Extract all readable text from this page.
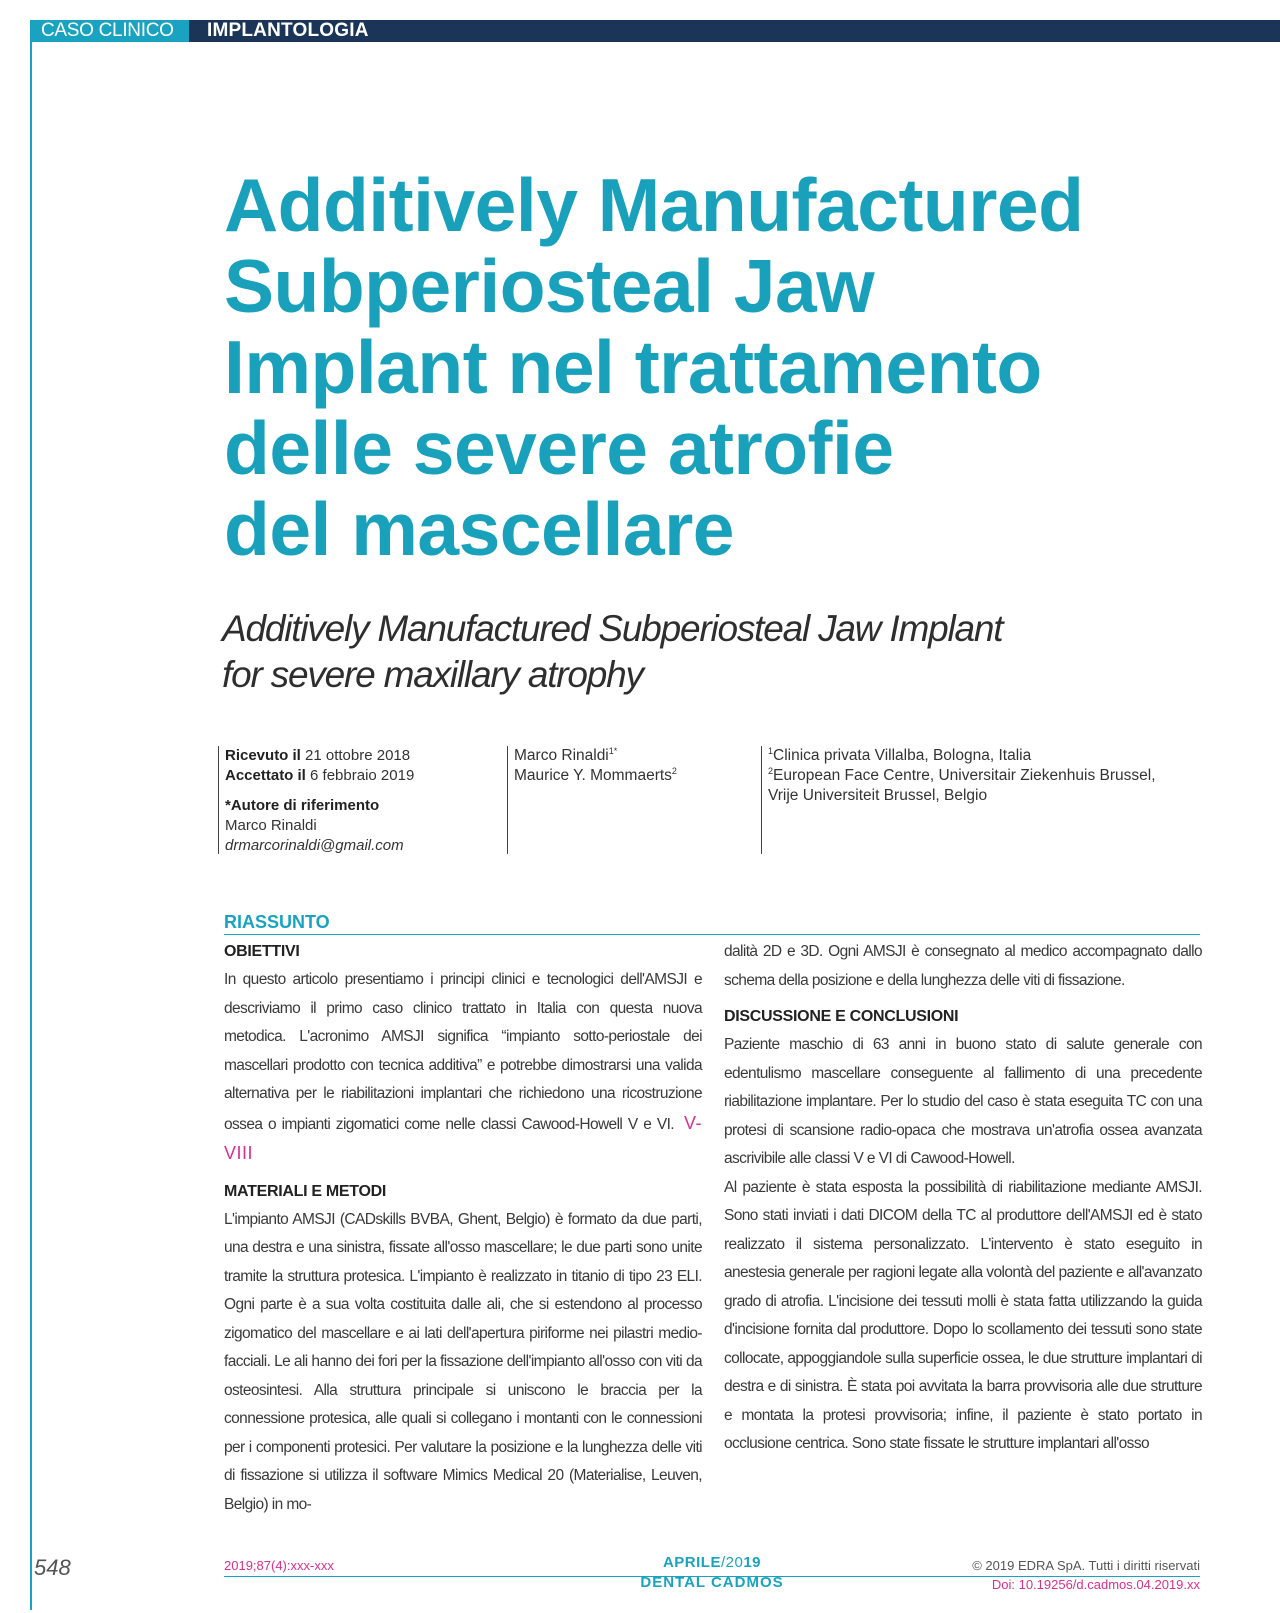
CASO CLINICO	IMPLANTOLOGIA
Additively Manufactured
Subperiosteal Jaw
Implant nel trattamento
delle severe atrofie
del mascellare
Additively Manufactured Subperiosteal Jaw Implant
for severe maxillary atrophy
Ricevuto il 21 ottobre 2018
Accettato il 6 febbraio 2019
*Autore di riferimento
Marco Rinaldi
drmarcorinaldi@gmail.com
Marco Rinaldi$^{1*}$
Maurice Y. Mommaerts$^2$
$^1$Clinica privata Villalba, Bologna, Italia
$^2$European Face Centre, Universitair Ziekenhuis Brussel,
Vrije Universiteit Brussel, Belgio
RIASSUNTO
OBIETTIVI

In questo articolo presentiamo i principi clinici e tecnologici dell'AMSJI e descriviamo il primo caso clinico trattato in Italia con questa nuova metodica. L'acronimo AMSJI significa “impianto sotto-periostale dei mascellari prodotto con tecnica additiva” e potrebbe dimostrarsi una valida alternativa per le riabilitazioni implantari che richiedono una ricostruzione ossea o impianti zigomatici come nelle classi Cawood-Howell V e VI. V-VIII

MATERIALI E METODI

L'impianto AMSJI (CADskills BVBA, Ghent, Belgio) è formato da due parti, una destra e una sinistra, fissate all'osso mascellare; le due parti sono unite tramite la struttura protesica. L'impianto è realizzato in titanio di tipo 23 ELI. Ogni parte è a sua volta costituita dalle ali, che si estendono al processo zigomatico del mascellare e ai lati dell'apertura piriforme nei pilastri medio-facciali. Le ali hanno dei fori per la fissazione dell'impianto all'osso con viti da osteosintesi. Alla struttura principale si uniscono le braccia per la connessione protesica, alle quali si collegano i montanti con le connessioni per i componenti protesici. Per valutare la posizione e la lunghezza delle viti di fissazione si utilizza il software Mimics Medical 20 (Materialise, Leuven, Belgio) in mo-

dalità 2D e 3D. Ogni AMSJI è consegnato al medico accompagnato dallo schema della posizione e della lunghezza delle viti di fissazione.

DISCUSSIONE E CONCLUSIONI

Paziente maschio di 63 anni in buono stato di salute generale con edentulismo mascellare conseguente al fallimento di una precedente riabilitazione implantare. Per lo studio del caso è stata eseguita TC con una protesi di scansione radio-opaca che mostrava un'atrofia ossea avanzata ascrivibile alle classi V e VI di Cawood-Howell.

Al paziente è stata esposta la possibilità di riabilitazione mediante AMSJI. Sono stati inviati i dati DICOM della TC al produttore dell'AMSJI ed è stato realizzato il sistema personalizzato. L'intervento è stato eseguito in anestesia generale per ragioni legate alla volontà del paziente e all'avanzato grado di atrofia. L'incisione dei tessuti molli è stata fatta utilizzando la guida d'incisione fornita dal produttore. Dopo lo scollamento dei tessuti sono state collocate, appoggiandole sulla superficie ossea, le due strutture implantari di destra e di sinistra. È stata poi avvitata la barra provvisoria alle due strutture e montata la protesi provvisoria; infine, il paziente è stato portato in occlusione centrica. Sono state fissate le strutture implantari all'osso

548	2019;87(4):xxx-xxx	APRILE/2019
DENTAL CADMOS
© 2019 EDRA SpA. Tutti i diritti riservati
Doi: 10.19256/d.cadmos.04.2019.xx
